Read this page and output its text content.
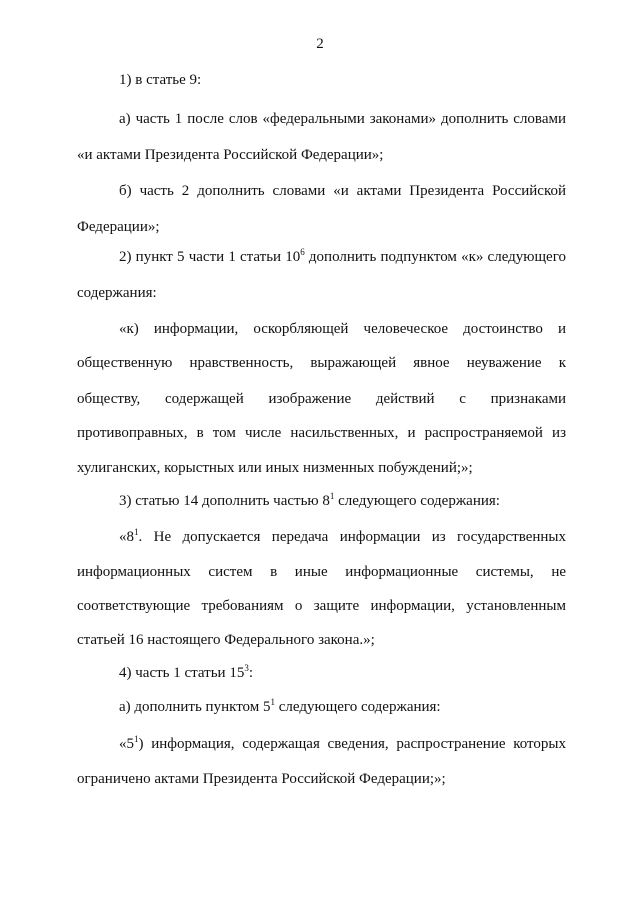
2
1) в статье 9:
а) часть 1 после слов «федеральными законами» дополнить словами
«и актами Президента Российской Федерации»;
б) часть 2 дополнить словами «и актами Президента Российской
Федерации»;
2) пункт 5 части 1 статьи $10^6$ дополнить подпунктом «к» следующего
содержания:
«к) информации, оскорбляющей человеческое достоинство и
общественную нравственность, выражающей явное неуважение к
обществу, содержащей изображение действий с признаками
противоправных, в том числе насильственных, и распространяемой из
хулиганских, корыстных или иных низменных побуждений;»;
3) статью 14 дополнить частью $8^1$ следующего содержания:
«$8^1$. Не допускается передача информации из государственных
информационных систем в иные информационные системы, не
соответствующие требованиям о защите информации, установленным
статьей 16 настоящего Федерального закона.»;
4) часть 1 статьи $15^3$:
а) дополнить пунктом $5^1$ следующего содержания:
«$5^1$) информация, содержащая сведения, распространение которых
ограничено актами Президента Российской Федерации;»;
